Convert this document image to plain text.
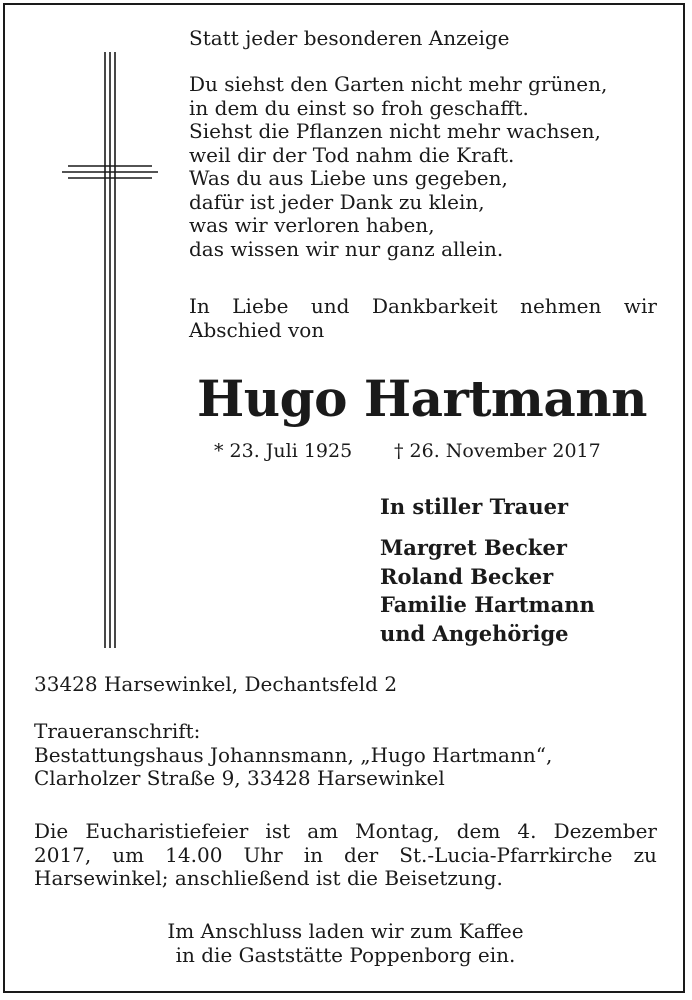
Statt jeder besonderen Anzeige

Du siehst den Garten nicht mehr grünen,
in dem du einst so froh geschafft.
Siehst die Pflanzen nicht mehr wachsen,
weil dir der Tod nahm die Kraft.
Was du aus Liebe uns gegeben,
dafür ist jeder Dank zu klein,
was wir verloren haben,
das wissen wir nur ganz allein.
In Liebe und Dankbarkeit nehmen wir
Abschied von
Hugo Hartmann
* 23. Juli 1925 † 26. November 2017
In stiller Trauer
Margret Becker
Roland Becker
Familie Hartmann
und Angehörige

33428 Harsewinkel, Dechantsfeld 2

Traueranschrift:
Bestattungshaus Johannsmann, „Hugo Hartmann“,
Clarholzer Straße 9, 33428 Harsewinkel
Die Eucharistiefeier ist am Montag, dem 4. Dezember
2017, um 14.00 Uhr in der St.-Lucia-Pfarrkirche zu
Harsewinkel; anschließend ist die Beisetzung.
Im Anschluss laden wir zum Kaffee
in die Gaststätte Poppenborg ein.
